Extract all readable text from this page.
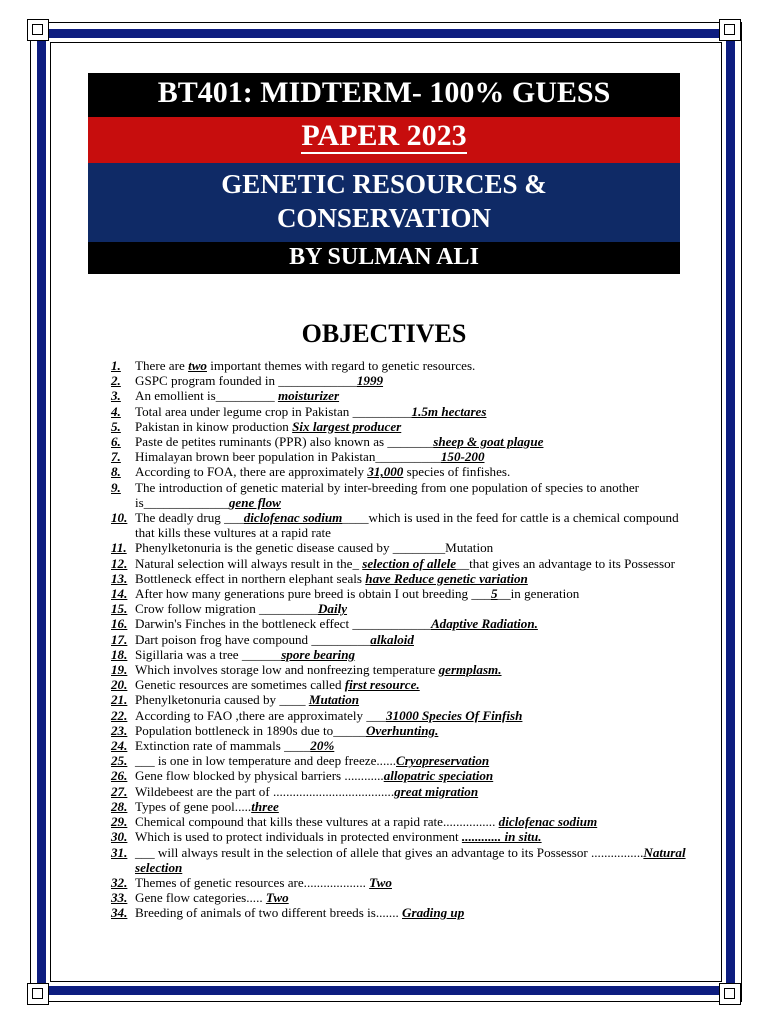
BT401: MIDTERM- 100% GUESS
PAPER 2023
GENETIC RESOURCES &
CONSERVATION
BY SULMAN ALI
OBJECTIVES
1.	There are two important themes with regard to genetic resources.
2.	GSPC program founded in ____________1999
3.	An emollient is_________ moisturizer
4.	Total area under legume crop in Pakistan _________1.5m hectares
5.	Pakistan in kinow production Six largest producer
6.	Paste de petites ruminants (PPR) also known as _______sheep & goat plague
7.	Himalayan brown beer population in Pakistan__________150-200
8.	According to FOA, there are approximately 31,000 species of finfishes.
9.	The introduction of genetic material by inter-breeding from one population of species to another is_____________gene flow
10. The deadly drug ___diclofenac sodium____which is used in the feed for cattle is a chemical compound that kills these vultures at a rapid rate
11. Phenylketonuria is the genetic disease caused by ________Mutation
12. Natural selection will always result in the_ selection of allele__that gives an advantage to its Possessor
13. Bottleneck effect in northern elephant seals have Reduce genetic variation
14. After how many generations pure breed is obtain I out breeding ___5__in generation
15. Crow follow migration _________Daily
16. Darwin's Finches in the bottleneck effect ____________Adaptive Radiation.
17. Dart poison frog have compound _________alkaloid
18. Sigillaria was a tree ______spore bearing
19. Which involves storage low and nonfreezing temperature germplasm.
20. Genetic resources are sometimes called first resource.
21. Phenylketonuria caused by ____ Mutation
22. According to FAO ,there are approximately ___31000 Species Of Finfish
23. Population bottleneck in 1890s due to_____Overhunting.
24. Extinction rate of mammals ____20%
25. ___ is one in low temperature and deep freeze......Cryopreservation
26. Gene flow blocked by physical barriers ............allopatric speciation
27. Wildebeest are the part of .....................................great migration
28. Types of gene pool.....three
29. Chemical compound that kills these vultures at a rapid rate................ diclofenac sodium
30. Which is used to protect individuals in protected environment ............ in situ.
31. ___ will always result in the selection of allele that gives an advantage to its Possessor ................Natural selection
32. Themes of genetic resources are................... Two
33. Gene flow categories..... Two
34. Breeding of animals of two different breeds is....... Grading up
